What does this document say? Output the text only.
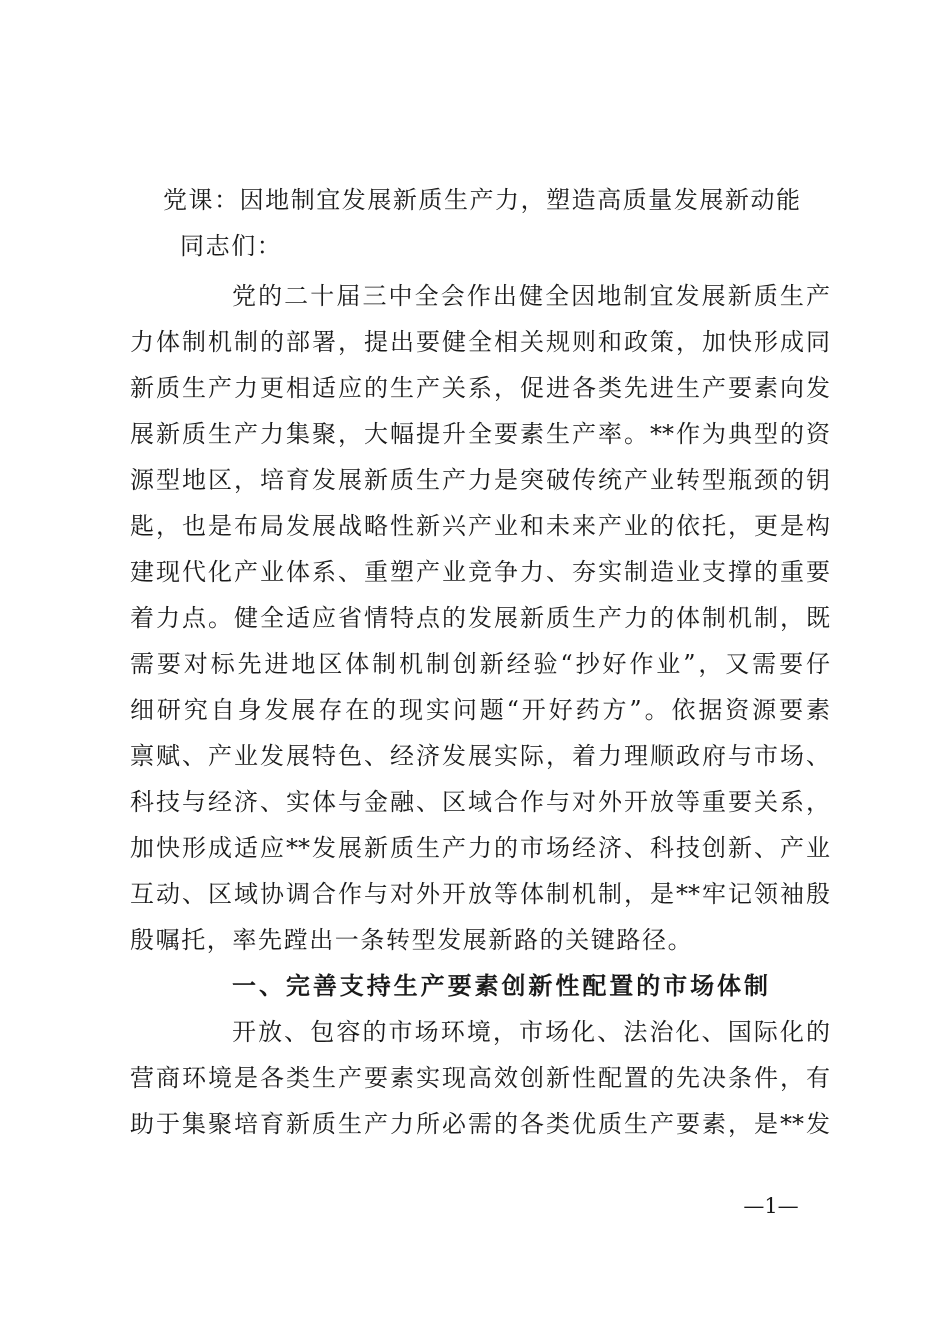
党课：因地制宜发展新质生产力，塑造高质量发展新动能
同志们：
党的二十届三中全会作出健全因地制宜发展新质生产
力体制机制的部署，提出要健全相关规则和政策，加快形成同
新质生产力更相适应的生产关系，促进各类先进生产要素向发
展新质生产力集聚，大幅提升全要素生产率。**作为典型的资
源型地区，培育发展新质生产力是突破传统产业转型瓶颈的钥
匙，也是布局发展战略性新兴产业和未来产业的依托，更是构
建现代化产业体系、重塑产业竞争力、夯实制造业支撑的重要
着力点。健全适应省情特点的发展新质生产力的体制机制，既
需要对标先进地区体制机制创新经验“抄好作业”，又需要仔
细研究自身发展存在的现实问题“开好药方”。依据资源要素
禀赋、产业发展特色、经济发展实际，着力理顺政府与市场、
科技与经济、实体与金融、区域合作与对外开放等重要关系，
加快形成适应**发展新质生产力的市场经济、科技创新、产业
互动、区域协调合作与对外开放等体制机制，是**牢记领袖殷
殷嘱托，率先蹚出一条转型发展新路的关键路径。
一、完善支持生产要素创新性配置的市场体制
开放、包容的市场环境，市场化、法治化、国际化的
营商环境是各类生产要素实现高效创新性配置的先决条件，有
助于集聚培育新质生产力所必需的各类优质生产要素，是**发
—1—
